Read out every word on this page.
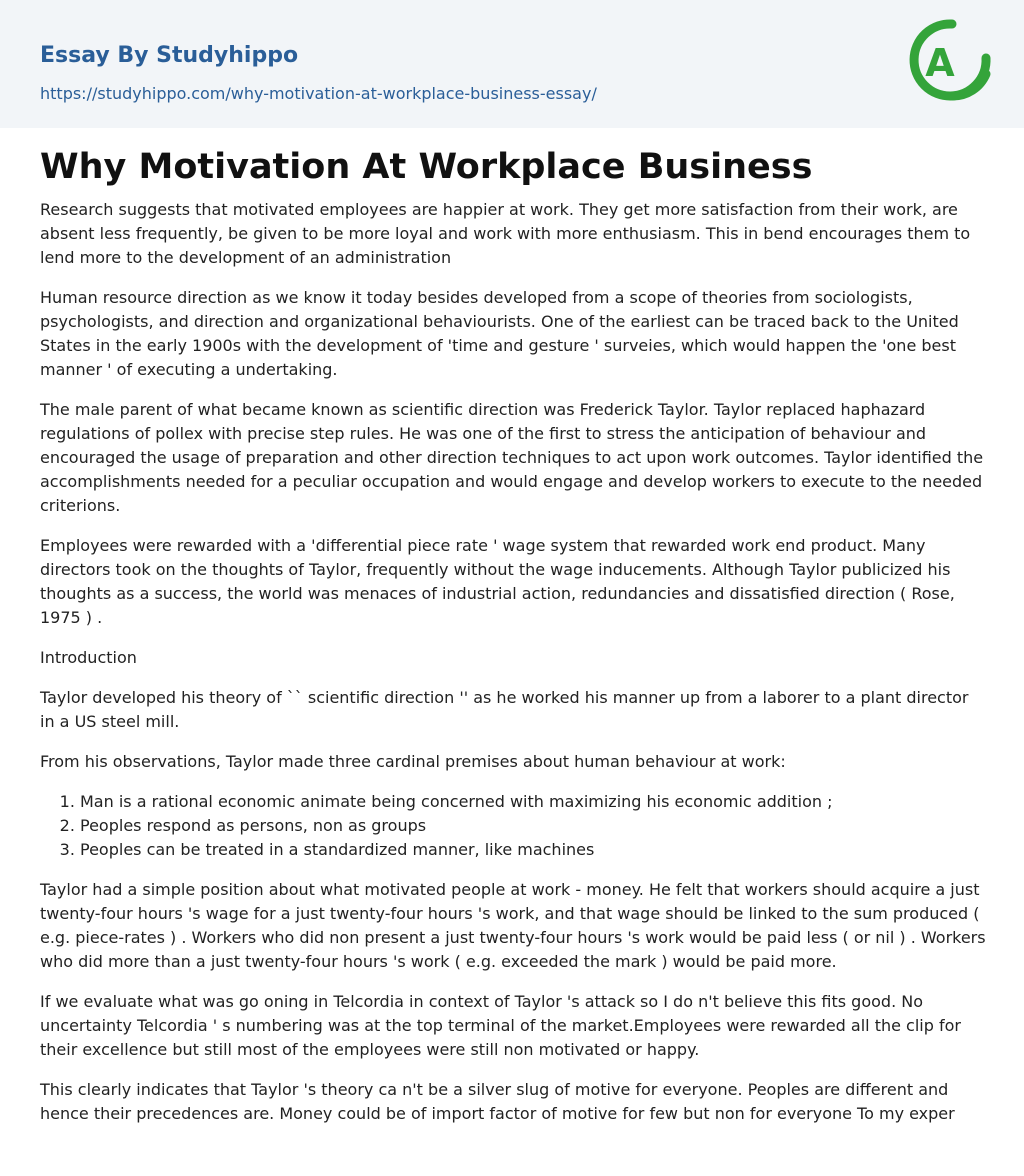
Essay By Studyhippo
https://studyhippo.com/why-motivation-at-workplace-business-essay/
A
Why Motivation At Workplace Business

Research suggests that motivated employees are happier at work. They get more satisfaction from their work, are absent less frequently, be given to be more loyal and work with more enthusiasm. This in bend encourages them to lend more to the development of an administration

Human resource direction as we know it today besides developed from a scope of theories from sociologists, psychologists, and direction and organizational behaviourists. One of the earliest can be traced back to the United States in the early 1900s with the development of 'time and gesture ' surveies, which would happen the 'one best manner ' of executing a undertaking.

The male parent of what became known as scientific direction was Frederick Taylor. Taylor replaced haphazard regulations of pollex with precise step rules. He was one of the first to stress the anticipation of behaviour and encouraged the usage of preparation and other direction techniques to act upon work outcomes. Taylor identified the accomplishments needed for a peculiar occupation and would engage and develop workers to execute to the needed criterions.

Employees were rewarded with a 'differential piece rate ' wage system that rewarded work end product. Many directors took on the thoughts of Taylor, frequently without the wage inducements. Although Taylor publicized his thoughts as a success, the world was menaces of industrial action, redundancies and dissatisfied direction ( Rose, 1975 ) .

Introduction

Taylor developed his theory of `` scientific direction '' as he worked his manner up from a laborer to a plant director in a US steel mill.

From his observations, Taylor made three cardinal premises about human behaviour at work:

1. Man is a rational economic animate being concerned with maximizing his economic addition ;
2. Peoples respond as persons, non as groups
3. Peoples can be treated in a standardized manner, like machines

Taylor had a simple position about what motivated people at work - money. He felt that workers should acquire a just twenty-four hours 's wage for a just twenty-four hours 's work, and that wage should be linked to the sum produced ( e.g. piece-rates ) . Workers who did non present a just twenty-four hours 's work would be paid less ( or nil ) . Workers who did more than a just twenty-four hours 's work ( e.g. exceeded the mark ) would be paid more.

If we evaluate what was go oning in Telcordia in context of Taylor 's attack so I do n't believe this fits good. No uncertainty Telcordia ' s numbering was at the top terminal of the market.Employees were rewarded all the clip for their excellence but still most of the employees were still non motivated or happy.

This clearly indicates that Taylor 's theory ca n't be a silver slug of motive for everyone. Peoples are different and hence their precedences are. Money could be of import factor of motive for few but non for everyone To my exper
